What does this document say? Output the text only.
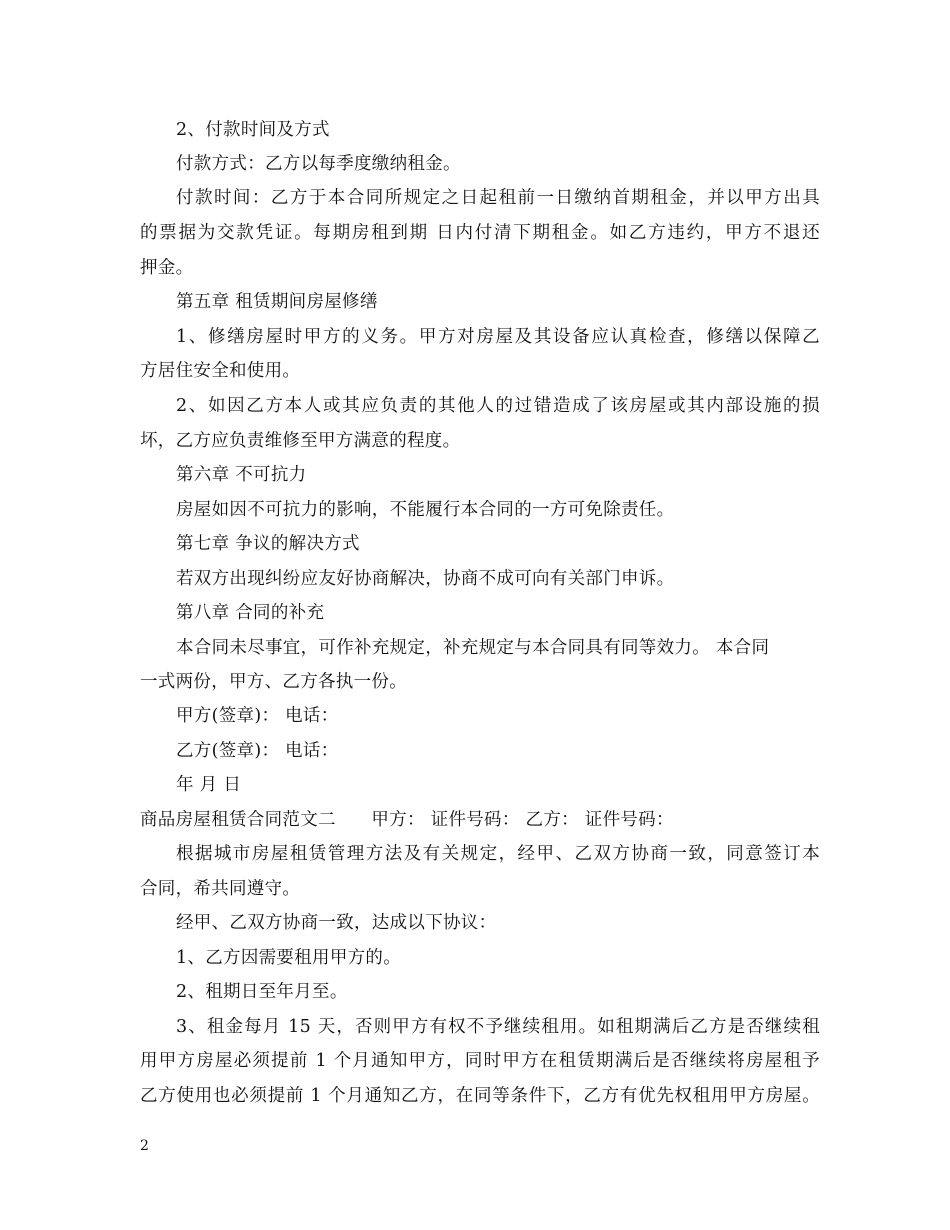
2、付款时间及方式
付款方式：乙方以每季度缴纳租金。
付款时间：乙方于本合同所规定之日起租前一日缴纳首期租金，并以甲方出具
的票据为交款凭证。每期房租到期 日内付清下期租金。如乙方违约，甲方不退还
押金。
第五章 租赁期间房屋修缮
1、修缮房屋时甲方的义务。甲方对房屋及其设备应认真检查，修缮以保障乙
方居住安全和使用。
2、如因乙方本人或其应负责的其他人的过错造成了该房屋或其内部设施的损
坏，乙方应负责维修至甲方满意的程度。
第六章 不可抗力
房屋如因不可抗力的影响，不能履行本合同的一方可免除责任。
第七章 争议的解决方式
若双方出现纠纷应友好协商解决，协商不成可向有关部门申诉。
第八章 合同的补充
本合同未尽事宜，可作补充规定，补充规定与本合同具有同等效力。 本合同
一式两份，甲方、乙方各执一份。
甲方(签章)： 电话：
乙方(签章)： 电话：
年 月 日
商品房屋租赁合同范文二　　甲方： 证件号码： 乙方： 证件号码：
根据城市房屋租赁管理方法及有关规定，经甲、乙双方协商一致，同意签订本
合同，希共同遵守。
经甲、乙双方协商一致，达成以下协议：
1、乙方因需要租用甲方的。
2、租期日至年月至。
3、租金每月 15 天，否则甲方有权不予继续租用。如租期满后乙方是否继续租
用甲方房屋必须提前 1 个月通知甲方，同时甲方在租赁期满后是否继续将房屋租予
乙方使用也必须提前 1 个月通知乙方，在同等条件下，乙方有优先权租用甲方房屋。
2
